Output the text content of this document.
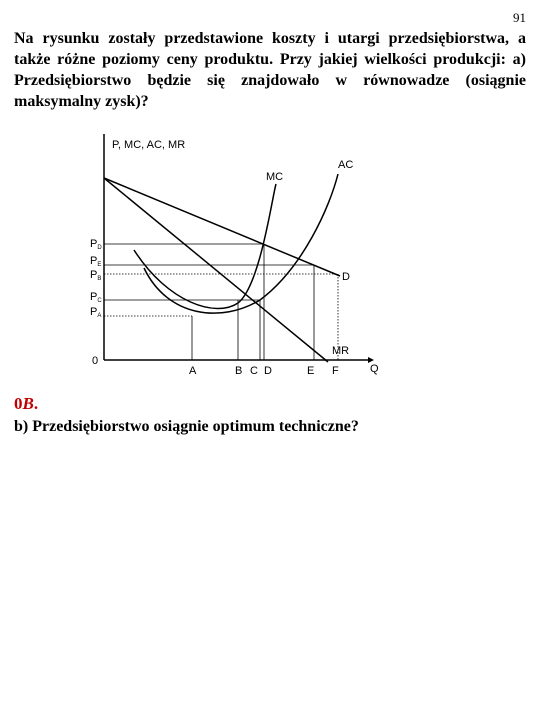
91
Na rysunku zostały przedstawione koszty i utargi przedsiębiorstwa, a także różne poziomy ceny produktu. Przy jakiej wielkości produkcji: a) Przedsiębiorstwo będzie się znajdowało w równowadze (osiągnie maksymalny zysk)?
P, MC, AC, MR
Q
0
MC
AC
D
MR
PD
PE
PB
PC
PA
A	B C D	E F
0B.
b) Przedsiębiorstwo osiągnie optimum techniczne?
